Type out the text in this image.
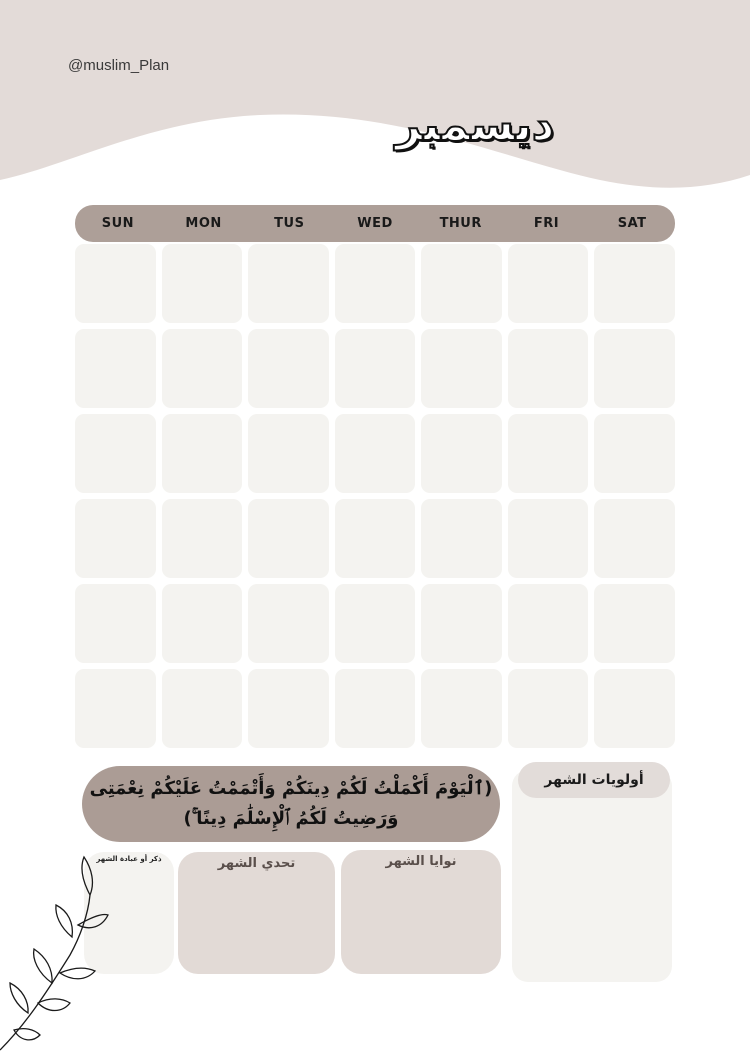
@muslim_Plan
ديسمبر
SUN	MON	TUS	WED	THUR	FRI	SAT
(ٱلْيَوْمَ أَكْمَلْتُ لَكُمْ دِينَكُمْ وَأَتْمَمْتُ عَلَيْكُمْ نِعْمَتِى
وَرَضِيتُ لَكُمُ ٱلْإِسْلَٰمَ دِينًا ۚ)
أولويات الشهر
نوايا الشهر
تحدي الشهر
ذكر أو عبادة الشهر
